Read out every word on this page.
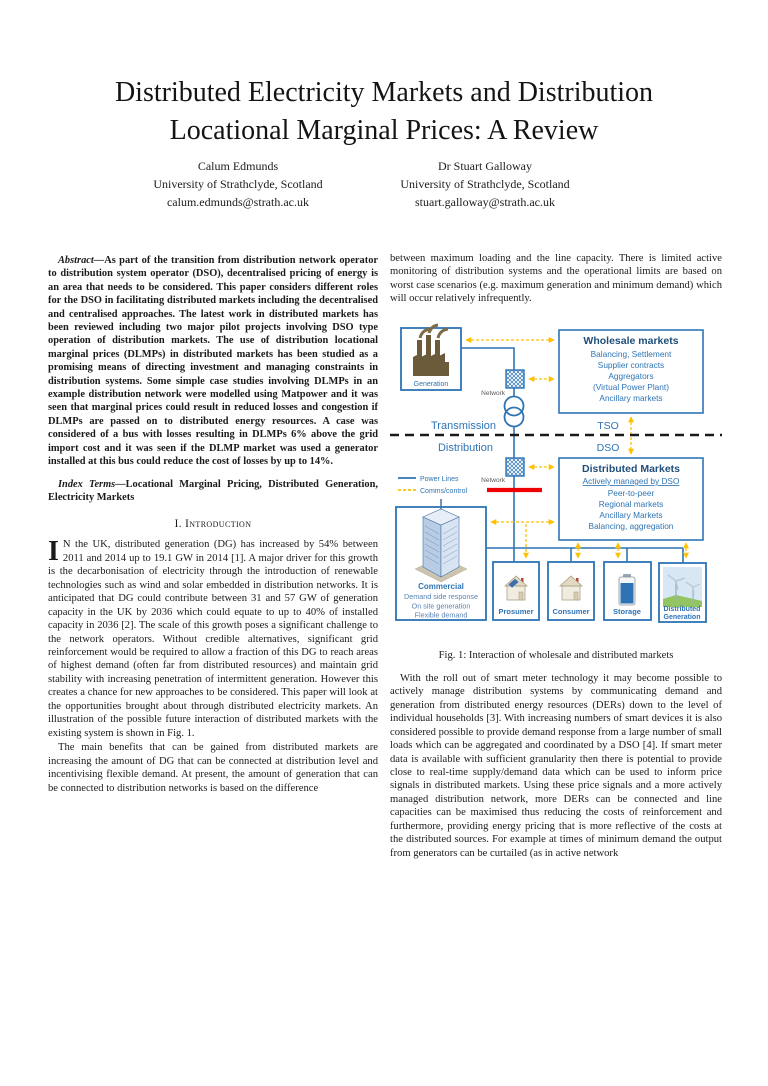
Distributed Electricity Markets and Distribution
Locational Marginal Prices: A Review
Calum Edmunds
University of Strathclyde, Scotland
calum.edmunds@strath.ac.uk
Dr Stuart Galloway
University of Strathclyde, Scotland
stuart.galloway@strath.ac.uk

Abstract—As part of the transition from distribution network operator to distribution system operator (DSO), decentralised pricing of energy is an area that needs to be considered. This paper considers different roles for the DSO in facilitating distributed markets including the decentralised and centralised approaches. The latest work in distributed markets has been reviewed including two major pilot projects involving DSO type operation of distribution markets. The use of distribution locational marginal prices (DLMPs) in distributed markets has been studied as a promising means of directing investment and managing constraints in distribution systems. Some simple case studies involving DLMPs in an example distribution network were modelled using Matpower and it was seen that marginal prices could result in reduced losses and congestion if DLMPs are passed on to distributed energy resources. A case was considered of a bus with losses resulting in DLMPs 6% above the grid import cost and it was seen if the DLMP market was used a generator installed at this bus could reduce the cost of losses by up to 14%.

Index Terms—Locational Marginal Pricing, Distributed Generation, Electricity Markets

I. Introduction

I N the UK, distributed generation (DG) has increased by 54% between 2011 and 2014 up to 19.1 GW in 2014 [1]. A major driver for this growth is the decarbonisation of electricity through the introduction of renewable technologies such as wind and solar embedded in distribution networks. It is anticipated that DG could contribute between 31 and 57 GW of generation capacity in the UK by 2036 which could equate to up to 40% of installed capacity in 2036 [2]. The scale of this growth poses a significant challenge to the network operators. Without credible alternatives, significant grid reinforcement would be required to allow a fraction of this DG to reach areas of highest demand (often far from distributed resources) and maintain grid stability with increasing penetration of intermittent generation. However this creates a chance for new approaches to be considered. This paper will look at the opportunities brought about through distributed electricity markets. An illustration of the possible future interaction of distributed markets with the existing system is shown in Fig. 1.

The main benefits that can be gained from distributed markets are increasing the amount of DG that can be connected at distribution level and incentivising flexible demand. At present, the amount of generation that can be connected to distribution networks is based on the difference

between maximum loading and the line capacity. There is limited active monitoring of distribution systems and the operational limits are based on worst case scenarios (e.g. maximum generation and minimum demand) which will occur relatively infrequently.

Network
Network
Generation
Wholesale markets
Balancing, Settlement
Supplier contracts
Aggregators
(Virtual Power Plant)
Ancillary markets
Transmission
Distribution
TSO
DSO
Distributed Markets
Actively managed by DSO
Peer-to-peer
Regional markets
Ancillary Markets
Balancing, aggregation
Power Lines
Comms/control
Commercial
Demand side response
On site generation
Flexible demand	Prosumer	Consumer	Storage	Distributed
Generation
Fig. 1: Interaction of wholesale and distributed markets

With the roll out of smart meter technology it may become possible to actively manage distribution systems by communicating demand and generation from distributed energy resources (DERs) down to the level of individual households [3]. With increasing numbers of smart devices it is also considered possible to provide demand response from a large number of small loads which can be aggregated and coordinated by a DSO [4]. If smart meter data is available with sufficient granularity then there is potential to provide close to real-time supply/demand data which can be used to inform price signals in distributed markets. Using these price signals and a more actively managed distribution network, more DERs can be connected and line capacities can be maximised thus reducing the costs of reinforcement and furthermore, providing energy pricing that is more reflective of the costs at the distributed sources. For example at times of minimum demand the output from generators can be curtailed (as in active network
